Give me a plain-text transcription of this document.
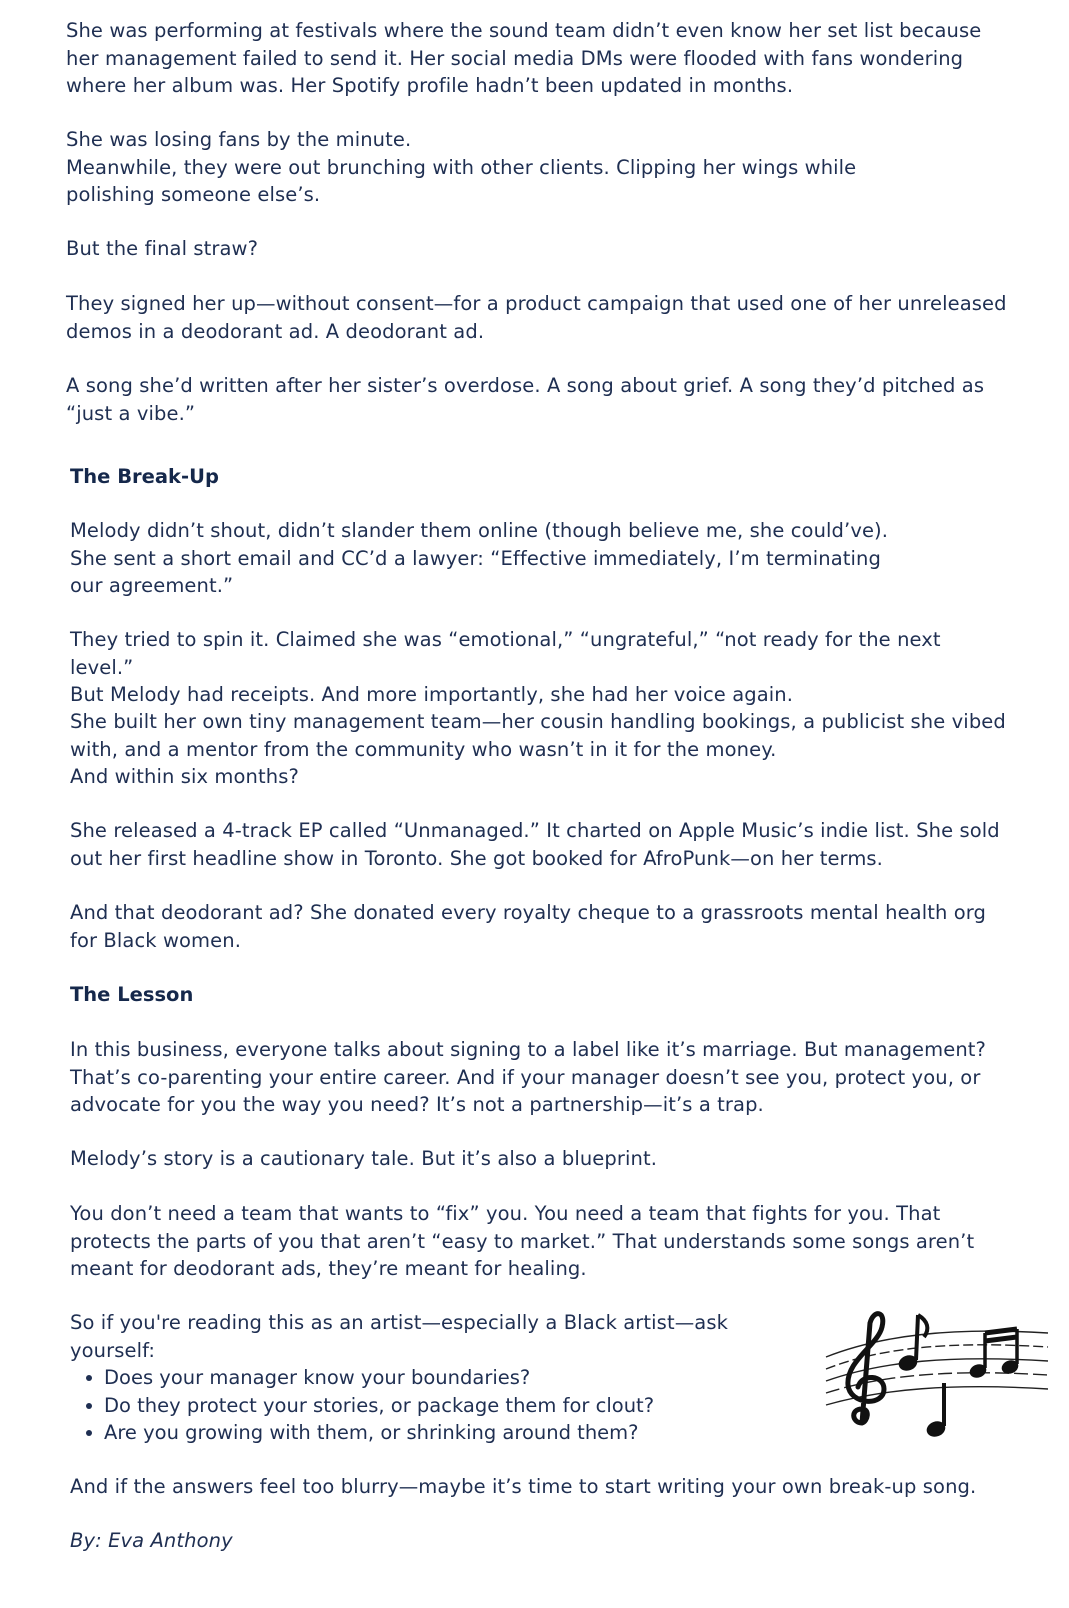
She was performing at festivals where the sound team didn’t even know her set list because her management failed to send it. Her social media DMs were flooded with fans wondering where her album was. Her Spotify profile hadn’t been updated in months.

She was losing fans by the minute.

Meanwhile, they were out brunching with other clients. Clipping her wings while polishing someone else’s.

But the final straw?

They signed her up—without consent—for a product campaign that used one of her unreleased demos in a deodorant ad. A deodorant ad.

A song she’d written after her sister’s overdose. A song about grief. A song they’d pitched as “just a vibe.”

The Break-Up

Melody didn’t shout, didn’t slander them online (though believe me, she could’ve).

She sent a short email and CC’d a lawyer: “Effective immediately, I’m terminating our agreement.”

They tried to spin it. Claimed she was “emotional,” “ungrateful,” “not ready for the next level.”

But Melody had receipts. And more importantly, she had her voice again.

She built her own tiny management team—her cousin handling bookings, a publicist she vibed with, and a mentor from the community who wasn’t in it for the money.

And within six months?

She released a 4-track EP called “Unmanaged.” It charted on Apple Music’s indie list. She sold out her first headline show in Toronto. She got booked for AfroPunk—on her terms.

And that deodorant ad? She donated every royalty cheque to a grassroots mental health org for Black women.

The Lesson

In this business, everyone talks about signing to a label like it’s marriage. But management? That’s co-parenting your entire career. And if your manager doesn’t see you, protect you, or advocate for you the way you need? It’s not a partnership—it’s a trap.

Melody’s story is a cautionary tale. But it’s also a blueprint.

You don’t need a team that wants to “fix” you. You need a team that fights for you. That protects the parts of you that aren’t “easy to market.” That understands some songs aren’t meant for deodorant ads, they’re meant for healing.

So if you're reading this as an artist—especially a Black artist—ask yourself:

Does your manager know your boundaries?
Do they protect your stories, or package them for clout?
Are you growing with them, or shrinking around them?

And if the answers feel too blurry—maybe it’s time to start writing your own break-up song.

By: Eva Anthony
